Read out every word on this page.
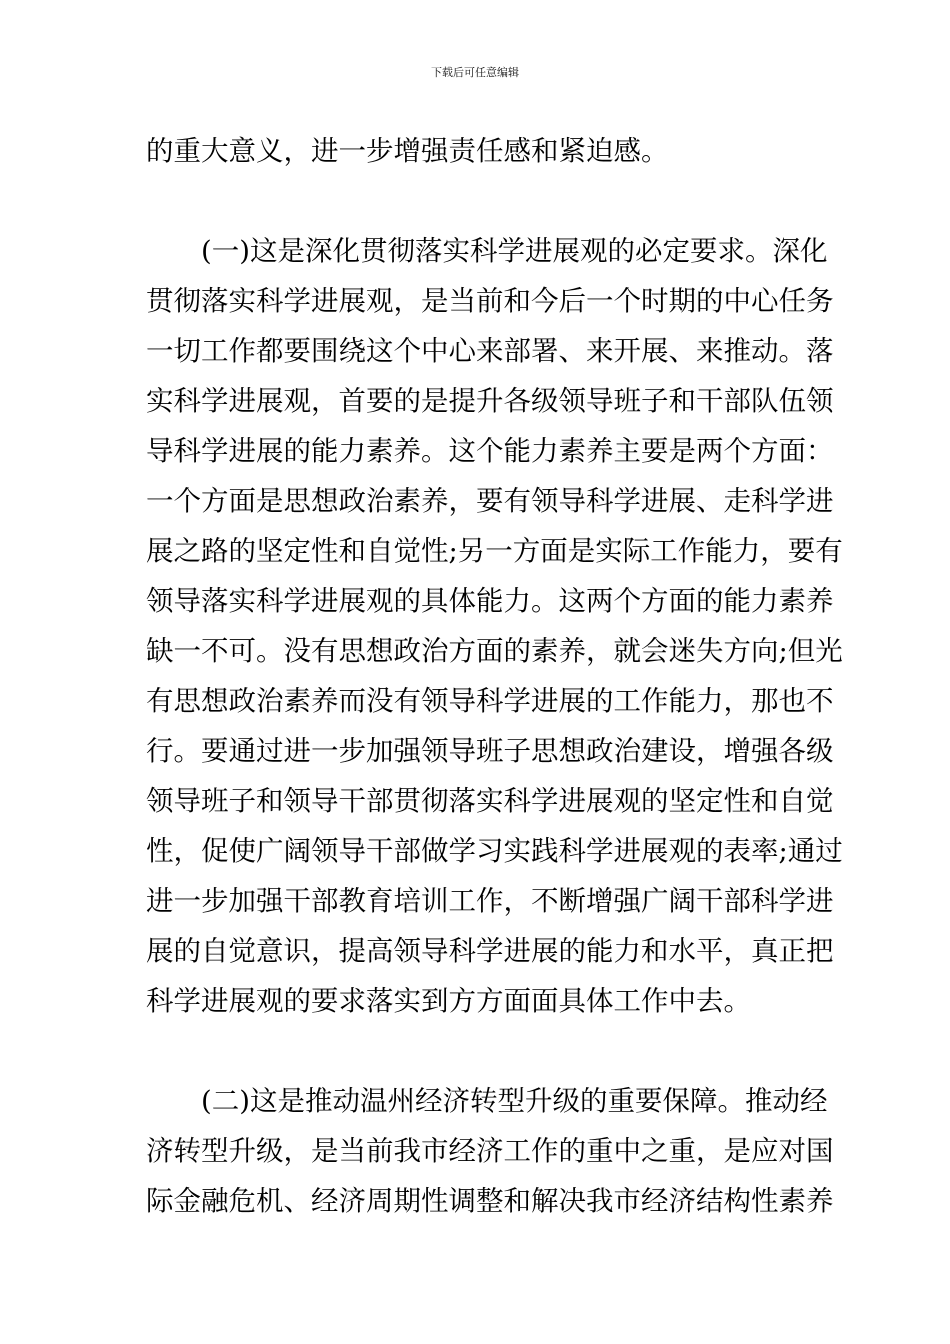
下载后可任意编辑
的重大意义，进一步增强责任感和紧迫感。
　　(一)这是深化贯彻落实科学进展观的必定要求。深化
贯彻落实科学进展观，是当前和今后一个时期的中心任务
一切工作都要围绕这个中心来部署、来开展、来推动。落
实科学进展观，首要的是提升各级领导班子和干部队伍领
导科学进展的能力素养。这个能力素养主要是两个方面：
一个方面是思想政治素养，要有领导科学进展、走科学进
展之路的坚定性和自觉性;另一方面是实际工作能力，要有
领导落实科学进展观的具体能力。这两个方面的能力素养
缺一不可。没有思想政治方面的素养，就会迷失方向;但光
有思想政治素养而没有领导科学进展的工作能力，那也不
行。要通过进一步加强领导班子思想政治建设，增强各级
领导班子和领导干部贯彻落实科学进展观的坚定性和自觉
性，促使广阔领导干部做学习实践科学进展观的表率;通过
进一步加强干部教育培训工作，不断增强广阔干部科学进
展的自觉意识，提高领导科学进展的能力和水平，真正把
科学进展观的要求落实到方方面面具体工作中去。
　　(二)这是推动温州经济转型升级的重要保障。推动经
济转型升级，是当前我市经济工作的重中之重，是应对国
际金融危机、经济周期性调整和解决我市经济结构性素养
